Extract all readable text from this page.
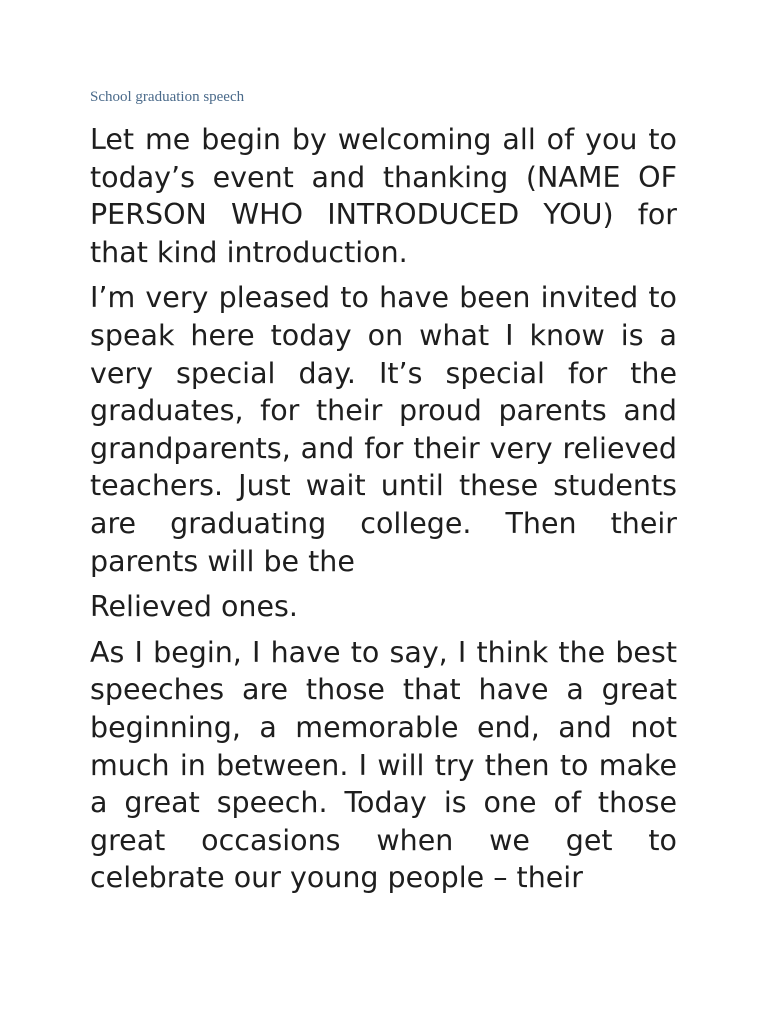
School graduation speech

Let me begin by welcoming all of you to today’s event and thanking (NAME OF PERSON WHO INTRODUCED YOU) for that kind introduction.

I’m very pleased to have been invited to speak here today on what I know is a very special day. It’s special for the graduates, for their proud parents and grandparents, and for their very relieved teachers. Just wait until these students are graduating college. Then their parents will be the

Relieved ones.

As I begin, I have to say, I think the best speeches are those that have a great beginning, a memorable end, and not much in between. I will try then to make a great speech. Today is one of those great occasions when we get to celebrate our young people – their
